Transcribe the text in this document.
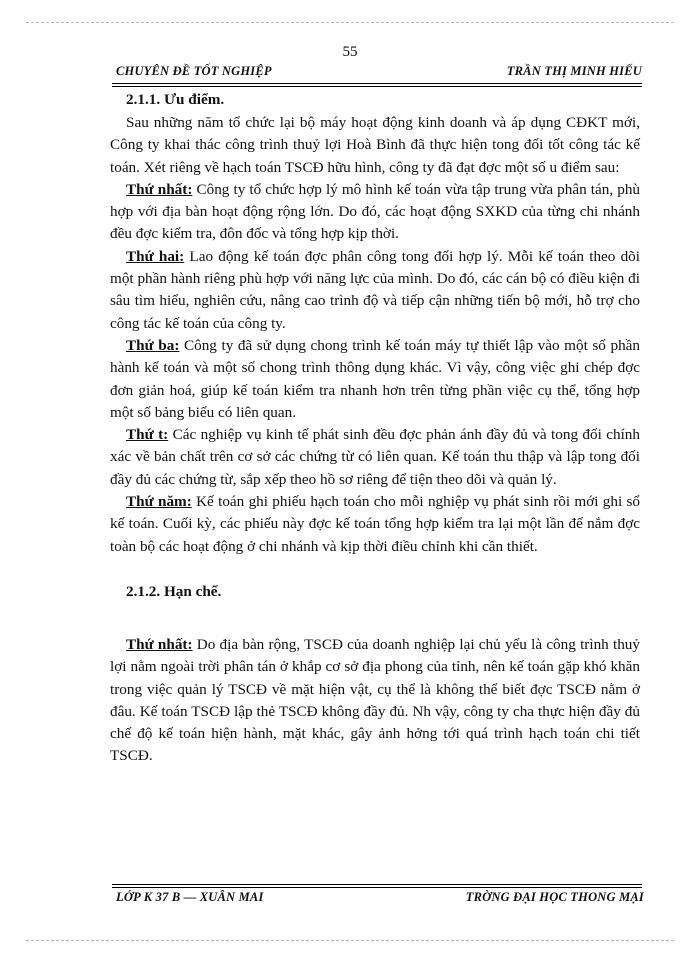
55
CHUYÊN ĐỀ TỐT NGHIỆP	TRẦN THỊ MINH HIẾU
2.1.1. Ưu điểm.

Sau những năm tổ chức lại bộ máy hoạt động kinh doanh và áp dụng CĐKT mới, Công ty khai thác công trình thuỷ lợi Hoà Bình đã thực hiện tong đối tốt công tác kế toán. Xét riêng về hạch toán TSCĐ hữu hình, công ty đã đạt đợc một số u điểm sau:

Thứ nhất: Công ty tổ chức hợp lý mô hình kế toán vừa tập trung vừa phân tán, phù hợp với địa bàn hoạt động rộng lớn. Do đó, các hoạt động SXKD của từng chi nhánh đều đợc kiểm tra, đôn đốc và tổng hợp kịp thời.

Thứ hai: Lao động kế toán đợc phân công tong đối hợp lý. Mỗi kế toán theo dõi một phần hành riêng phù hợp với năng lực của mình. Do đó, các cán bộ có điều kiện đi sâu tìm hiểu, nghiên cứu, nâng cao trình độ và tiếp cận những tiến bộ mới, hỗ trợ cho công tác kế toán của công ty.

Thứ ba: Công ty đã sử dụng chong trình kế toán máy tự thiết lập vào một số phần hành kế toán và một số chong trình thông dụng khác. Vì vậy, công việc ghi chép đợc đơn giản hoá, giúp kế toán kiểm tra nhanh hơn trên từng phần việc cụ thể, tổng hợp một số bảng biểu có liên quan.

Thứ t: Các nghiệp vụ kinh tế phát sinh đều đợc phản ánh đầy đủ và tong đối chính xác về bản chất trên cơ sở các chứng từ có liên quan. Kế toán thu thập và lập tong đối đầy đủ các chứng từ, sắp xếp theo hồ sơ riêng để tiện theo dõi và quản lý.

Thứ năm: Kế toán ghi phiếu hạch toán cho mỗi nghiệp vụ phát sinh rồi mới ghi sổ kế toán. Cuối kỳ, các phiếu này đợc kế toán tổng hợp kiểm tra lại một lần để nắm đợc toàn bộ các hoạt động ở chi nhánh và kịp thời điều chỉnh khi cần thiết.

2.1.2. Hạn chế.

Thứ nhất: Do địa bàn rộng, TSCĐ của doanh nghiệp lại chủ yếu là công trình thuỷ lợi nằm ngoài trời phân tán ở khắp cơ sở địa phong của tỉnh, nên kế toán gặp khó khăn trong việc quản lý TSCĐ về mặt hiện vật, cụ thể là không thể biết đợc TSCĐ nằm ở đâu. Kế toán TSCĐ lập thẻ TSCĐ không đầy đủ. Nh vậy, công ty cha thực hiện đầy đủ chế độ kế toán hiện hành, mặt khác, gây ảnh hởng tới quá trình hạch toán chi tiết TSCĐ.

LỚP K 37 B — XUÂN MAI	TRỜNG ĐẠI HỌC THONG MẠI
